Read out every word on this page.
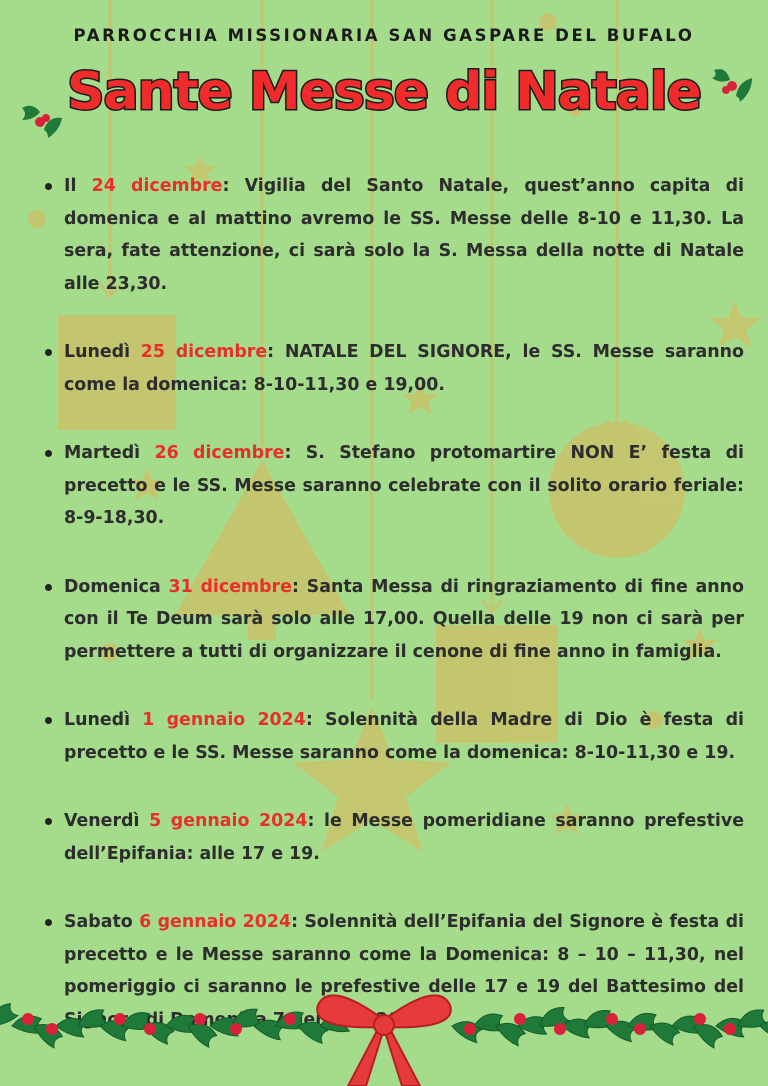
PARROCCHIA MISSIONARIA SAN GASPARE DEL BUFALO
Sante Messe di Natale
Il 24 dicembre: Vigilia del Santo Natale, quest’anno capita di domenica e al mattino avremo le SS. Messe delle 8-10 e 11,30. La sera, fate attenzione, ci sarà solo la S. Messa della notte di Natale alle 23,30.
Lunedì 25 dicembre: NATALE DEL SIGNORE, le SS. Messe saranno come la domenica: 8-10-11,30 e 19,00.
Martedì 26 dicembre: S. Stefano protomartire NON E’ festa di precetto e le SS. Messe saranno celebrate con il solito orario feriale: 8-9-18,30.
Domenica 31 dicembre: Santa Messa di ringraziamento di fine anno con il Te Deum sarà solo alle 17,00. Quella delle 19 non ci sarà per permettere a tutti di organizzare il cenone di fine anno in famiglia.
Lunedì 1 gennaio 2024: Solennità della Madre di Dio è festa di precetto e le SS. Messe saranno come la domenica: 8-10-11,30 e 19.
Venerdì 5 gennaio 2024: le Messe pomeridiane saranno prefestive dell’Epifania: alle 17 e 19.
Sabato 6 gennaio 2024: Solennità dell’Epifania del Signore è festa di precetto e le Messe saranno come la Domenica: 8 – 10 – 11,30, nel pomeriggio ci saranno le prefestive delle 17 e 19 del Battesimo del di 7
